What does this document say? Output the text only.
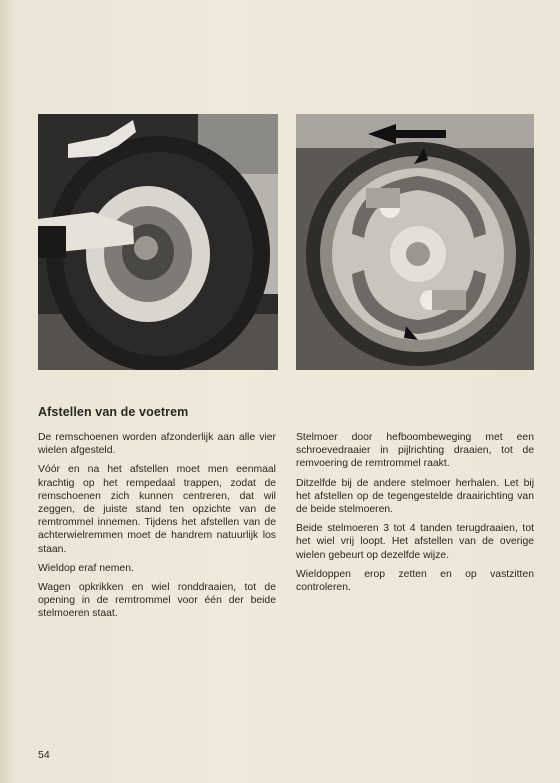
Afstellen van de voetrem

De remschoenen worden afzonderlijk aan alle vier wielen afgesteld.

Vóór en na het afstellen moet men eenmaal krachtig op het rempedaal trappen, zodat de remschoenen zich kunnen centreren, dat wil zeggen, de juiste stand ten opzichte van de remtrommel innemen. Tijdens het afstellen van de achterwielremmen moet de handrem natuurlijk los staan.

Wieldop eraf nemen.

Wagen opkrikken en wiel ronddraaien, tot de opening in de remtrommel voor één der beide stelmoeren staat.

Stelmoer door hefboombeweging met een schroevedraaier in pijlrichting draaien, tot de remvoering de remtrommel raakt.

Ditzelfde bij de andere stelmoer herhalen. Let bij het afstellen op de tegengestelde draairichting van de beide stelmoeren.

Beide stelmoeren 3 tot 4 tanden terugdraaien, tot het wiel vrij loopt. Het afstellen van de overige wielen gebeurt op dezelfde wijze.

Wieldoppen erop zetten en op vastzitten controleren.

54
